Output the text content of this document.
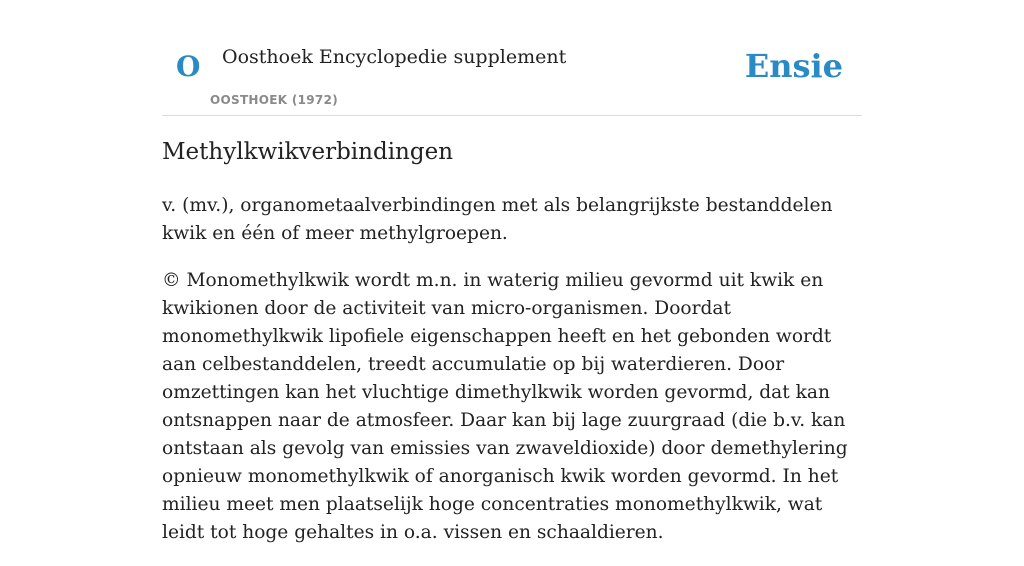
O Oosthoek Encyclopedie supplement
OOSTHOEK (1972)
Ensie
Methylkwikverbindingen

v. (mv.), organometaalverbindingen met als belangrijkste bestanddelen kwik en één of meer methylgroepen.

© Monomethylkwik wordt m.n. in waterig milieu gevormd uit kwik en kwikionen door de activiteit van micro-organismen. Doordat monomethylkwik lipofiele eigenschappen heeft en het gebonden wordt aan celbestanddelen, treedt accumulatie op bij waterdieren. Door omzettingen kan het vluchtige dimethylkwik worden gevormd, dat kan ontsnappen naar de atmosfeer. Daar kan bij lage zuurgraad (die b.v. kan ontstaan als gevolg van emissies van zwaveldioxide) door demethylering opnieuw monomethylkwik of anorganisch kwik worden gevormd. In het milieu meet men plaatselijk hoge concentraties monomethylkwik, wat leidt tot hoge gehaltes in o.a. vissen en schaaldieren.
